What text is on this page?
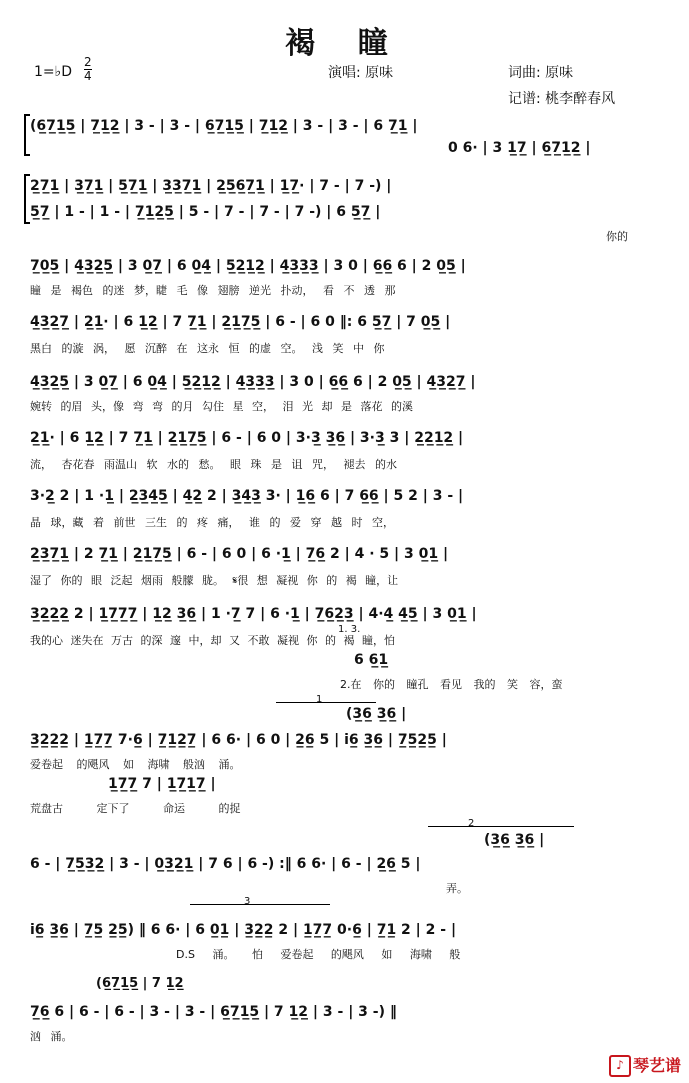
褐 瞳
1=♭D
2
4	演唱: 原味	词曲: 原味
记谱: 桃李醉春风
(6̲7̲1̲5̲ | 7̲1̲2̲ | 3 - | 3 - | 6̲7̲1̲5̲ | 7̲1̲2̲ | 3 - | 3 - | 6 7̲1̲ |
0 6· | 3 1̲7̲ | 6̲7̲1̲2̲ |
2̲7̲1̲ | 3̲7̲1̲ | 5̲7̲1̲ | 3̲3̲7̲1̲ | 2̲5̲6̲7̲1̲ | 1̲7̲· | 7 - | 7 -) |
5̲7̲ | 1 - | 1 - | 7̲1̲2̲5̲ | 5 - | 7 - | 7 - | 7 -) | 6 5̲7̲ |
你的
7̲0̲5̲ | 4̲3̲2̲5̲ | 3 0̲7̲ | 6 0̲4̲ | 5̲2̲1̲2̲ | 4̲3̲3̲3̲ | 3 0 | 6̲6̲ 6 | 2 0̲5̲ |
瞳 是 褐色 的迷 梦，睫 毛 像 翅膀 逆光 扑动， 看 不 透 那
4̲3̲2̲7̲ | 2̲1̲· | 6 1̲2̲ | 7 7̲1̲ | 2̲1̲7̲5̲ | 6 - | 6 0 ‖: 6 5̲7̲ | 7 0̲5̲ |
黑白 的漩 涡， 愿 沉醉 在 这永 恒 的虚 空。 浅 笑 中 你
4̲3̲2̲5̲ | 3 0̲7̲ | 6 0̲4̲ | 5̲2̲1̲2̲ | 4̲3̲3̲3̲ | 3 0 | 6̲6̲ 6 | 2 0̲5̲ | 4̲3̲2̲7̲ |
婉转 的眉 头，像 弯 弯 的月 勾住 星 空， 泪 光 却 是 落花 的溪
2̲1̲· | 6 1̲2̲ | 7 7̲1̲ | 2̲1̲7̲5̲ | 6 - | 6 0 | 3·3̲ 3̲6̲ | 3·3̲ 3 | 2̲2̲1̲2̲ |
流， 杏花春 雨温山 软 水的 愁。 眼 珠 是 诅 咒， 褪去 的水
3·2̲ 2 | 1 ·1̲ | 2̲3̲4̲5̲ | 4̲2̲ 2 | 3̲4̲3̲ 3· | 1̲6̲ 6 | 7 6̲6̲ | 5 2 | 3 - |
晶 球，藏 着 前世 三生 的 疼 痛， 谁 的 爱 穿 越 时 空，
2̲3̲7̲1̲ | 2 7̲1̲ | 2̲1̲7̲5̲ | 6 - | 6 0 | 6 ·1̲ | 7̲6̲ 2 | 4 · 5 | 3 0̲1̲ |
湿了 你的 眼 泛起 烟雨 般朦 胧。 𝄋很 想 凝视 你 的 褐 瞳，让
3̲2̲2̲2̲ 2 | 1̲7̲7̲7̲ | 1̲2̲ 3̲6̲ | 1 ·7̲ 7 | 6 ·1̲ | 7̲6̲2̲3̲ | 4·4̲ 4̲5̲ | 3 0̲1̲ |
我的心 迷失在 万古 的深 邃 中，却 又 不敢 凝视 你 的 褐 瞳，怕
1. 3.
6 6̲1̲
2.在 你的 瞳孔 看见 我的 笑 容，蛮
1
(3̲6̲ 3̲6̲ |
3̲2̲2̲2̲ | 1̲7̲7̲ 7·6̲ | 7̲1̲2̲7̲ | 6 6· | 6 0 | 2̲6̲ 5 | i6̲ 3̲6̲ | 7̲5̲2̲5̲ |
爱卷起 的飓风 如 海啸 般汹 涌。
1̲7̲7̲ 7 | 1̲7̲1̲7̲ |
荒盘古 定下了 命运 的捉
2
(3̲6̲ 3̲6̲ |
6 - | 7̲5̲3̲2̲ | 3 - | 0̲3̲2̲1̲ | 7 6 | 6 -) :‖ 6 6· | 6 - | 2̲6̲ 5 |
弄。
3
i6̲ 3̲6̲ | 7̲5̲ 2̲5̲) ‖ 6 6· | 6 0̲1̲ | 3̲2̲2̲ 2 | 1̲7̲7̲ 0·6̲ | 7̲1̲ 2 | 2 - |
D.S 涌。 怕 爱卷起 的飓风 如 海啸 般
(6̲7̲1̲5̲ | 7 1̲2̲
7̲6̲ 6 | 6 - | 6 - | 3 - | 3 - | 6̲7̲1̲5̲ | 7 1̲2̲ | 3 - | 3 -) ‖
汹 涌。
♪ 琴艺谱
